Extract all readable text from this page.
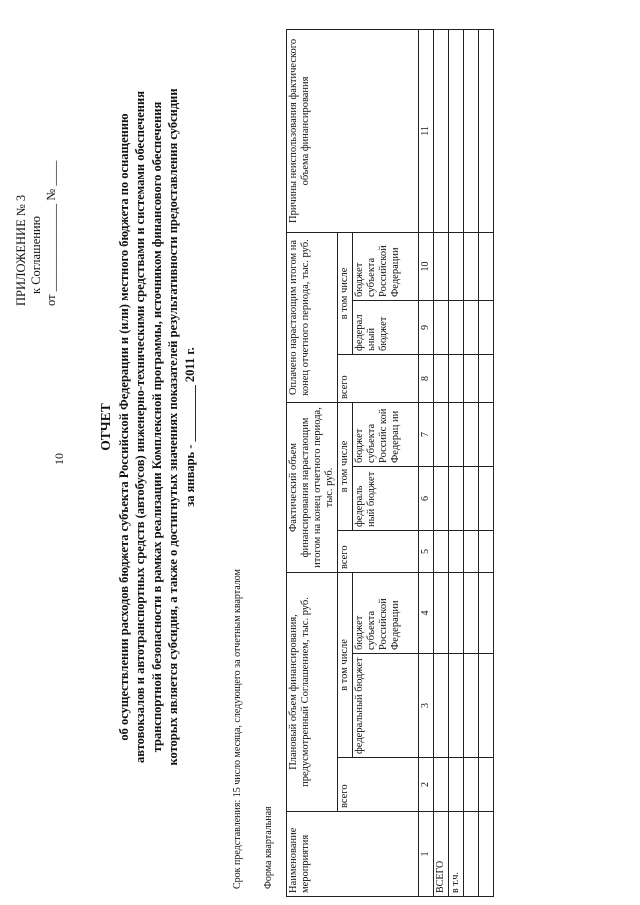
10
ПРИЛОЖЕНИЕ № 3 к Соглашению от ______________ № ____
ОТЧЕТ об осуществлении расходов бюджета субъекта Российской Федерации и (или) местного бюджета по оснащению автовокзалов и автотранспортных средств (автобусов) инженерно-техническими средствами и системами обеспечения транспортной безопасности в рамках реализации Комплексной программы, источником финансового обеспечения которых является субсидия, а также о достигнутых значениях показателей результативности предоставления субсидии за январь - _________ 2011 г.
Срок представления: 15 число месяца, следующего за отчетным кварталом Форма квартальная Наименование мероприятия	Плановый объем финансирования, предусмотренный Соглашением, тыс. руб.			Фактический объем финансирования нарастающим итогом на конец отчетного периода, тыс. руб.			Оплачено нарастающим итогом на конец отчетного периода, тыс. руб.			Причины неиспользования фактического объема финансирования
	всего	в том числе		всего	в том числе		всего	в том числе		
		федеральный бюджет	бюджет субъекта Российской Федерации		федераль ный бюджет	бюджет субъекта Российс кой Федерац ии		федерал ьный бюджет	бюджет субъекта Российской Федерации	
1	2	3	4	5	6	7	8	9	10	11
ВСЕГО										
в т.ч.										
